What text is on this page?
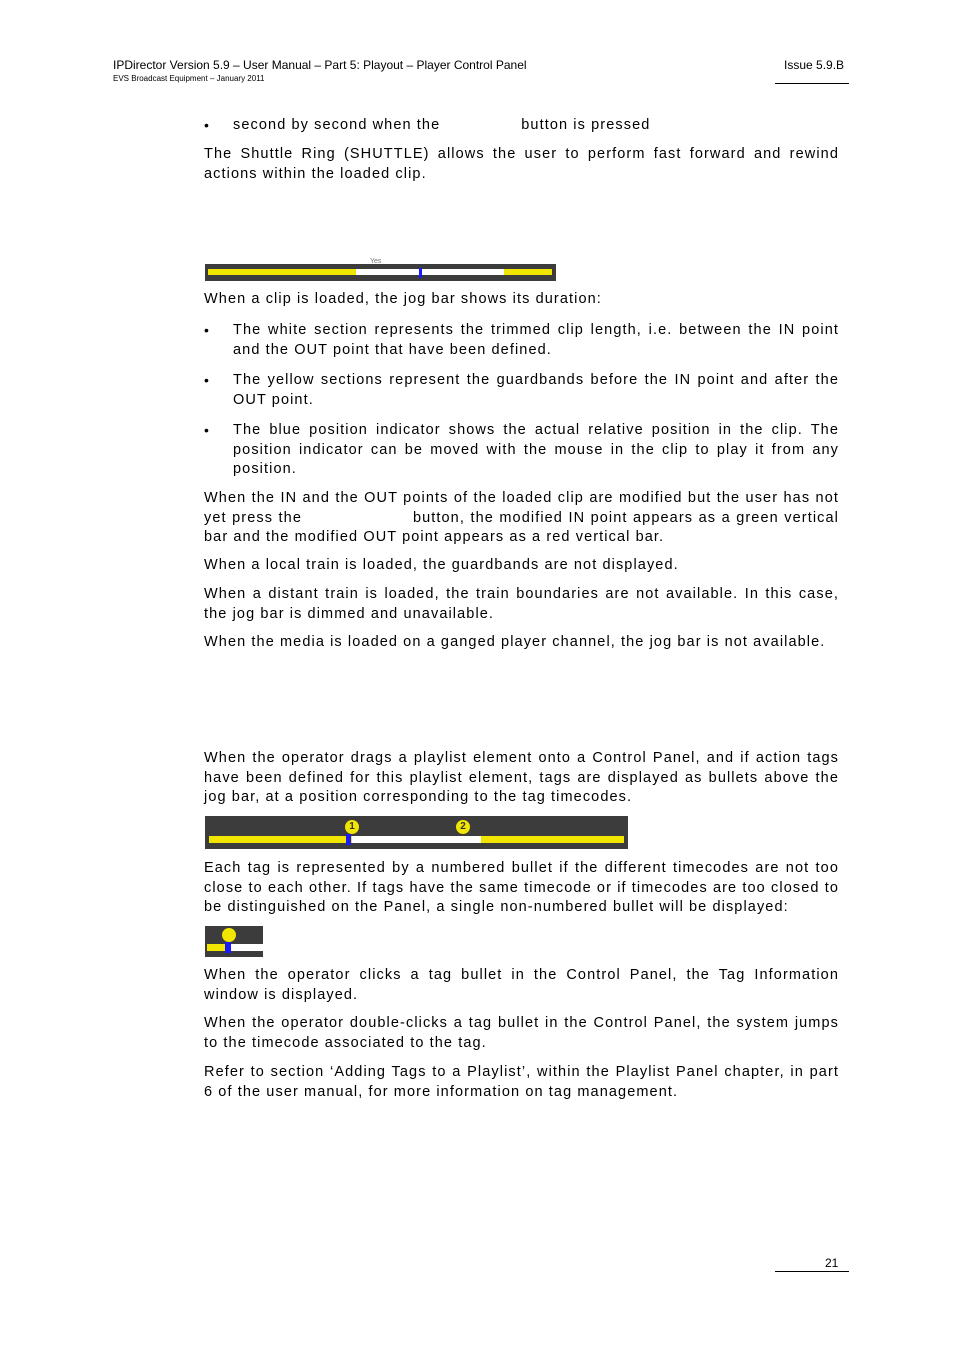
IPDirector Version 5.9 – User Manual – Part 5: Playout – Player Control Panel
EVS Broadcast Equipment – January 2011
Issue 5.9.B
• second by second when the	button is pressed

The Shuttle Ring (SHUTTLE) allows the user to perform fast forward and rewind actions within the loaded clip.

Yes

When a clip is loaded, the jog bar shows its duration:

• The white section represents the trimmed clip length, i.e. between the IN point and the OUT point that have been defined.

• The yellow sections represent the guardbands before the IN point and after the OUT point.

• The blue position indicator shows the actual relative position in the clip. The position indicator can be moved with the mouse in the clip to play it from any position.

When the IN and the OUT points of the loaded clip are modified but the user has not yet press the	button, the modified IN point appears as a green vertical bar and the modified OUT point appears as a red vertical bar.

When a local train is loaded, the guardbands are not displayed.

When a distant train is loaded, the train boundaries are not available. In this case, the jog bar is dimmed and unavailable.

When the media is loaded on a ganged player channel, the jog bar is not available.

When the operator drags a playlist element onto a Control Panel, and if action tags have been defined for this playlist element, tags are displayed as bullets above the jog bar, at a position corresponding to the tag timecodes.

1	2

Each tag is represented by a numbered bullet if the different timecodes are not too close to each other. If tags have the same timecode or if timecodes are too closed to be distinguished on the Panel, a single non-numbered bullet will be displayed:

When the operator clicks a tag bullet in the Control Panel, the Tag Information window is displayed.

When the operator double-clicks a tag bullet in the Control Panel, the system jumps to the timecode associated to the tag.

Refer to section ‘Adding Tags to a Playlist’, within the Playlist Panel chapter, in part 6 of the user manual, for more information on tag management.

21
